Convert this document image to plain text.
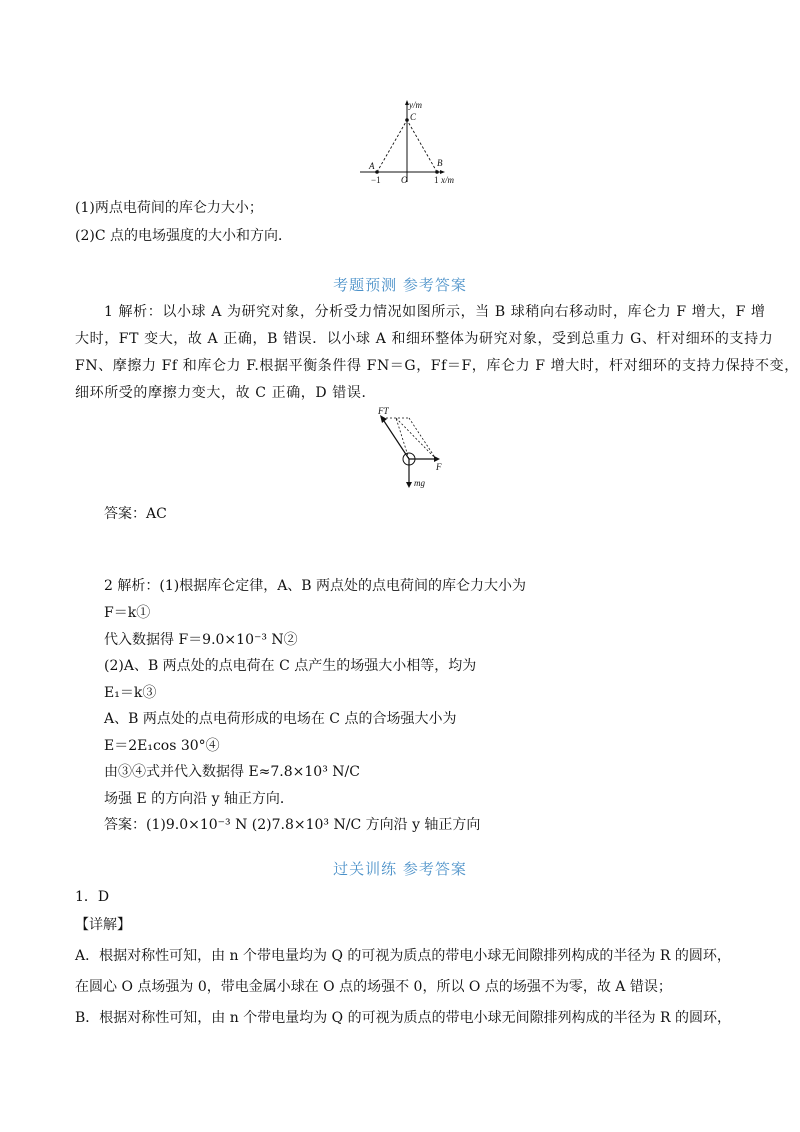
y/m
C
A	B
−1 O	1 x/m
(1)两点电荷间的库仑力大小；
(2)C 点的电场强度的大小和方向．
考题预测 参考答案
1 解析：以小球 A 为研究对象，分析受力情况如图所示，当 B 球稍向右移动时，库仑力 F 增大，F 增
大时，FT 变大，故 A 正确，B 错误．以小球 A 和细环整体为研究对象，受到总重力 G、杆对细环的支持力
FN、摩擦力 Ff 和库仑力 F.根据平衡条件得 FN＝G，Ff＝F，库仑力 F 增大时，杆对细环的支持力保持不变，
细环所受的摩擦力变大，故 C 正确，D 错误．
FT
F
mg
答案：AC
2 解析：(1)根据库仑定律，A、B 两点处的点电荷间的库仑力大小为
F＝k①
代入数据得 F＝9.0×10⁻³ N②
(2)A、B 两点处的点电荷在 C 点产生的场强大小相等，均为
E₁＝k③
A、B 两点处的点电荷形成的电场在 C 点的合场强大小为
E＝2E₁cos 30°④
由③④式并代入数据得 E≈7.8×10³ N/C
场强 E 的方向沿 y 轴正方向．
答案：(1)9.0×10⁻³ N (2)7.8×10³ N/C 方向沿 y 轴正方向
过关训练 参考答案
1．D
【详解】
A．根据对称性可知，由 n 个带电量均为 Q 的可视为质点的带电小球无间隙排列构成的半径为 R 的圆环，
在圆心 O 点场强为 0，带电金属小球在 O 点的场强不 0，所以 O 点的场强不为零，故 A 错误；
B．根据对称性可知，由 n 个带电量均为 Q 的可视为质点的带电小球无间隙排列构成的半径为 R 的圆环，
